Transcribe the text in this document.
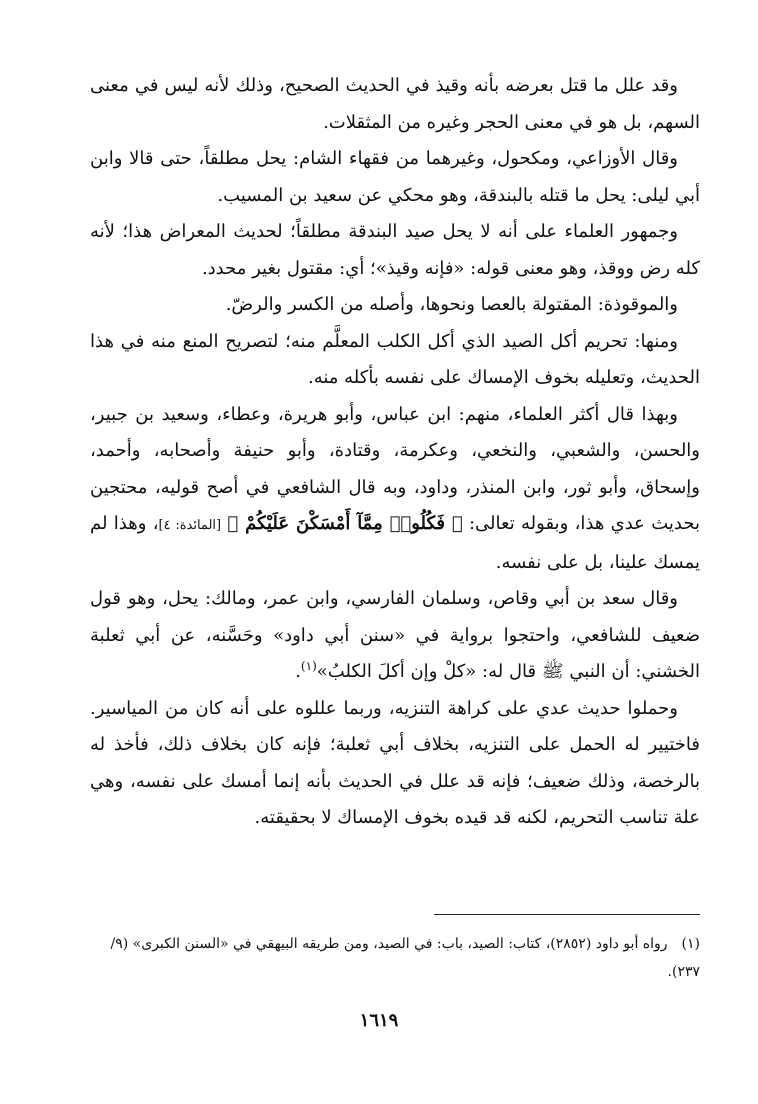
وقد علل ما قتل بعرضه بأنه وقيذ في الحديث الصحيح، وذلك لأنه ليس في معنى السهم، بل هو في معنى الحجر وغيره من المثقلات.

وقال الأوزاعي، ومكحول، وغيرهما من فقهاء الشام: يحل مطلقاً، حتى قالا وابن أبي ليلى: يحل ما قتله بالبندقة، وهو محكي عن سعيد بن المسيب.

وجمهور العلماء على أنه لا يحل صيد البندقة مطلقاً؛ لحديث المعراض هذا؛ لأنه كله رض ووقذ، وهو معنى قوله: «فإنه وقيذ»؛ أي: مقتول بغير محدد.

والموقوذة: المقتولة بالعصا ونحوها، وأصله من الكسر والرضّ.

ومنها: تحريم أكل الصيد الذي أكل الكلب المعلَّم منه؛ لتصريح المنع منه في هذا الحديث، وتعليله بخوف الإمساك على نفسه بأكله منه.

وبهذا قال أكثر العلماء، منهم: ابن عباس، وأبو هريرة، وعطاء، وسعيد بن جبير، والحسن، والشعبي، والنخعي، وعكرمة، وقتادة، وأبو حنيفة وأصحابه، وأحمد، وإسحاق، وأبو ثور، وابن المنذر، وداود، وبه قال الشافعي في أصح قوليه، محتجين بحديث عدي هذا، وبقوله تعالى: ﴿ فَكُلُوا۟ مِمَّآ أَمْسَكْنَ عَلَيْكُمْ ﴾ [المائدة: ٤]، وهذا لم يمسك علينا، بل على نفسه.

وقال سعد بن أبي وقاص، وسلمان الفارسي، وابن عمر، ومالك: يحل، وهو قول ضعيف للشافعي، واحتجوا برواية في «سنن أبي داود» وحَسَّنه، عن أبي ثعلبة الخشني: أن النبي ﷺ قال له: «كلْ وإن أكلَ الكلبُ»$^{(١)}$.

وحملوا حديث عدي على كراهة التنزيه، وربما عللوه على أنه كان من المياسير. فاختيير له الحمل على التنزيه، بخلاف أبي ثعلبة؛ فإنه كان بخلاف ذلك، فأخذ له بالرخصة، وذلك ضعيف؛ فإنه قد علل في الحديث بأنه إنما أمسك على نفسه، وهي علة تناسب التحريم، لكنه قد قيده بخوف الإمساك لا بحقيقته.

(١)رواه أبو داود (٢٨٥٢)، كتاب: الصيد، باب: في الصيد، ومن طريقه البيهقي في «السنن الكبرى» (٩/ ٢٣٧).
١٦١٩
